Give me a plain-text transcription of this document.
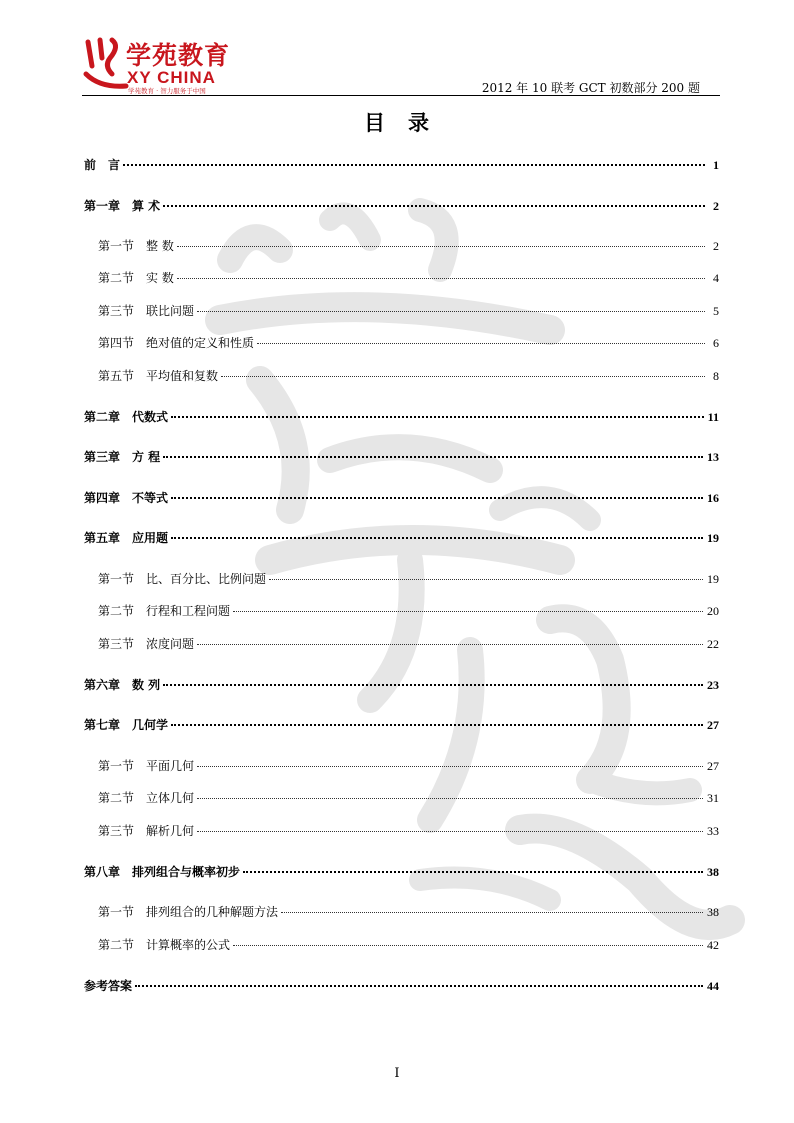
学苑教育
XY CHINA
学苑教育 · 智力服务于中国	2012 年 10 联考 GCT 初数部分 200 题
目　录
前　言	1
第一章　算 术	2
第一节　整 数	2
第二节　实 数	4
第三节　联比问题	5
第四节　绝对值的定义和性质	6
第五节　平均值和复数	8
第二章　代数式	11
第三章　方 程	13
第四章　不等式	16
第五章　应用题	19
第一节　比、百分比、比例问题	19
第二节　行程和工程问题	20
第三节　浓度问题	22
第六章　数 列	23
第七章　几何学	27
第一节　平面几何	27
第二节　立体几何	31
第三节　解析几何	33
第八章　排列组合与概率初步	38
第一节　排列组合的几种解题方法	38
第二节　计算概率的公式	42
参考答案	44
I
